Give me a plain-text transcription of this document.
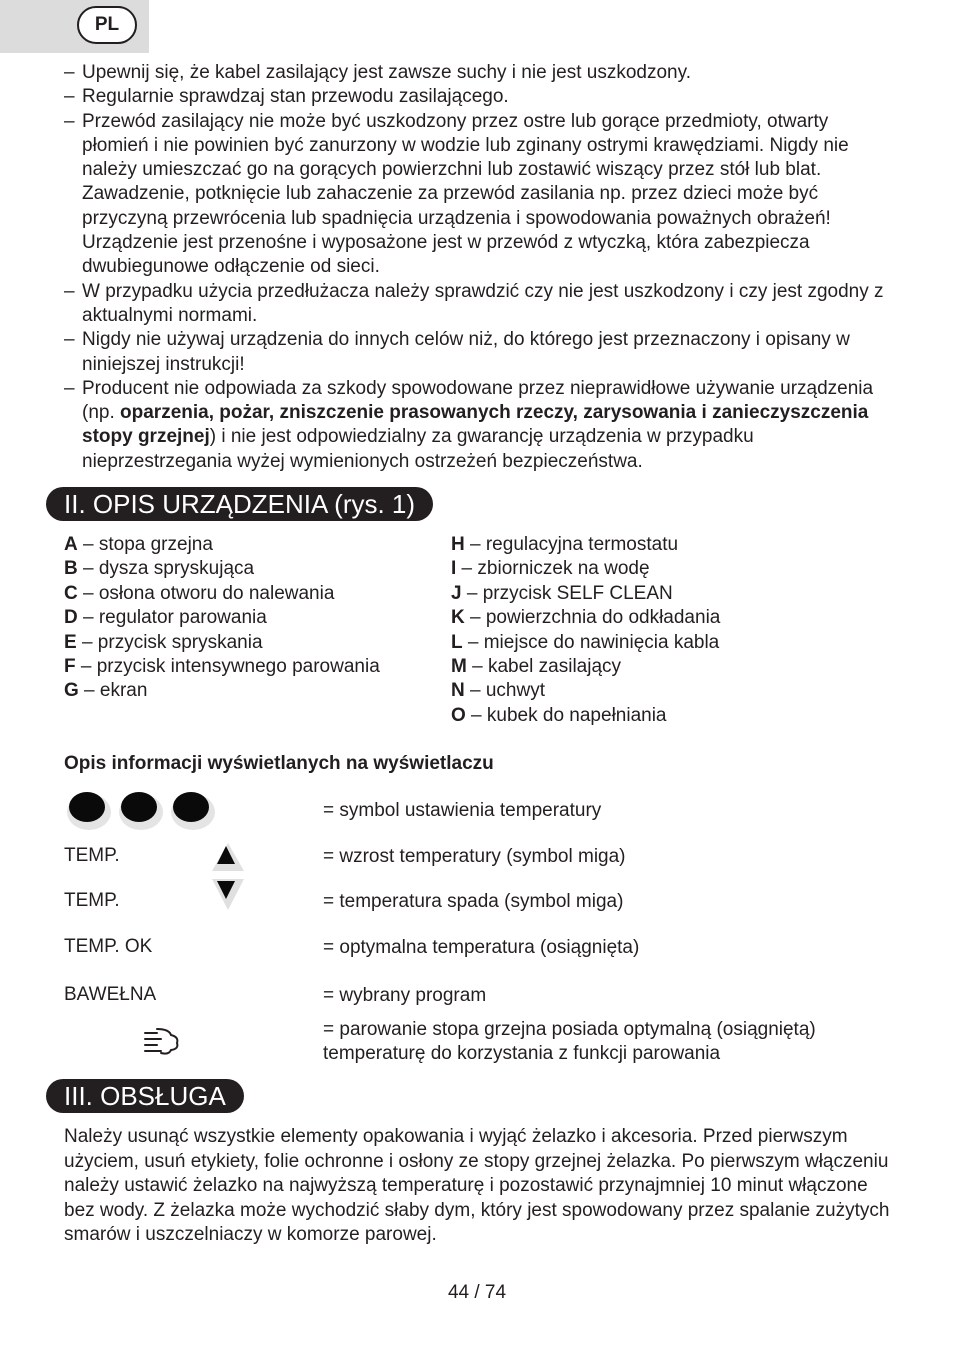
PL
– Upewnij się, że kabel zasilający jest zawsze suchy i nie jest uszkodzony.
– Regularnie sprawdzaj stan przewodu zasilającego.
– Przewód zasilający nie może być uszkodzony przez ostre lub gorące przedmioty, otwarty płomień i nie powinien być zanurzony w wodzie lub zginany ostrymi krawędziami. Nigdy nie należy umieszczać go na gorących powierzchni lub zostawić wiszący przez stół lub blat. Zawadzenie, potknięcie lub zahaczenie za przewód zasilania np. przez dzieci może być przyczyną przewrócenia lub spadnięcia urządzenia i spowodowania poważnych obrażeń! Urządzenie jest przenośne i wyposażone jest w przewód z wtyczką, która zabezpiecza dwubiegunowe odłączenie od sieci.
– W przypadku użycia przedłużacza należy sprawdzić czy nie jest uszkodzony i czy jest zgodny z aktualnymi normami.
– Nigdy nie używaj urządzenia do innych celów niż, do którego jest przeznaczony i opisany w niniejszej instrukcji!
– Producent nie odpowiada za szkody spowodowane przez nieprawidłowe używanie urządzenia (np. oparzenia, pożar, zniszczenie prasowanych rzeczy, zarysowania i zanieczyszczenia stopy grzejnej) i nie jest odpowiedzialny za gwarancję urządzenia w przypadku nieprzestrzegania wyżej wymienionych ostrzeżeń bezpieczeństwa.
II. OPIS URZĄDZENIA (rys. 1)
A – stopa grzejna
B – dysza spryskująca
C – osłona otworu do nalewania
D – regulator parowania
E – przycisk spryskania
F – przycisk intensywnego parowania
G – ekran
H – regulacyjna termostatu
I – zbiorniczek na wodę
J – przycisk SELF CLEAN
K – powierzchnia do odkładania
L – miejsce do nawinięcia kabla
M – kabel zasilający
N – uchwyt
O – kubek do napełniania
Opis informacji wyświetlanych na wyświetlaczu
= symbol ustawienia temperatury
TEMP.	= wzrost temperatury (symbol miga)
TEMP.	= temperatura spada (symbol miga)
TEMP. OK	= optymalna temperatura (osiągnięta)
BAWEŁNA	= wybrany program
= parowanie stopa grzejna posiada optymalną (osiągniętą) temperaturę do korzystania z funkcji parowania
III. OBSŁUGA
Należy usunąć wszystkie elementy opakowania i wyjąć żelazko i akcesoria. Przed pierwszym użyciem, usuń etykiety, folie ochronne i osłony ze stopy grzejnej żelazka. Po pierwszym włączeniu należy ustawić żelazko na najwyższą temperaturę i pozostawić przynajmniej 10 minut włączone bez wody. Z żelazka może wychodzić słaby dym, który jest spowodowany przez spalanie zużytych smarów i uszczelniaczy w komorze parowej.
44 / 74
